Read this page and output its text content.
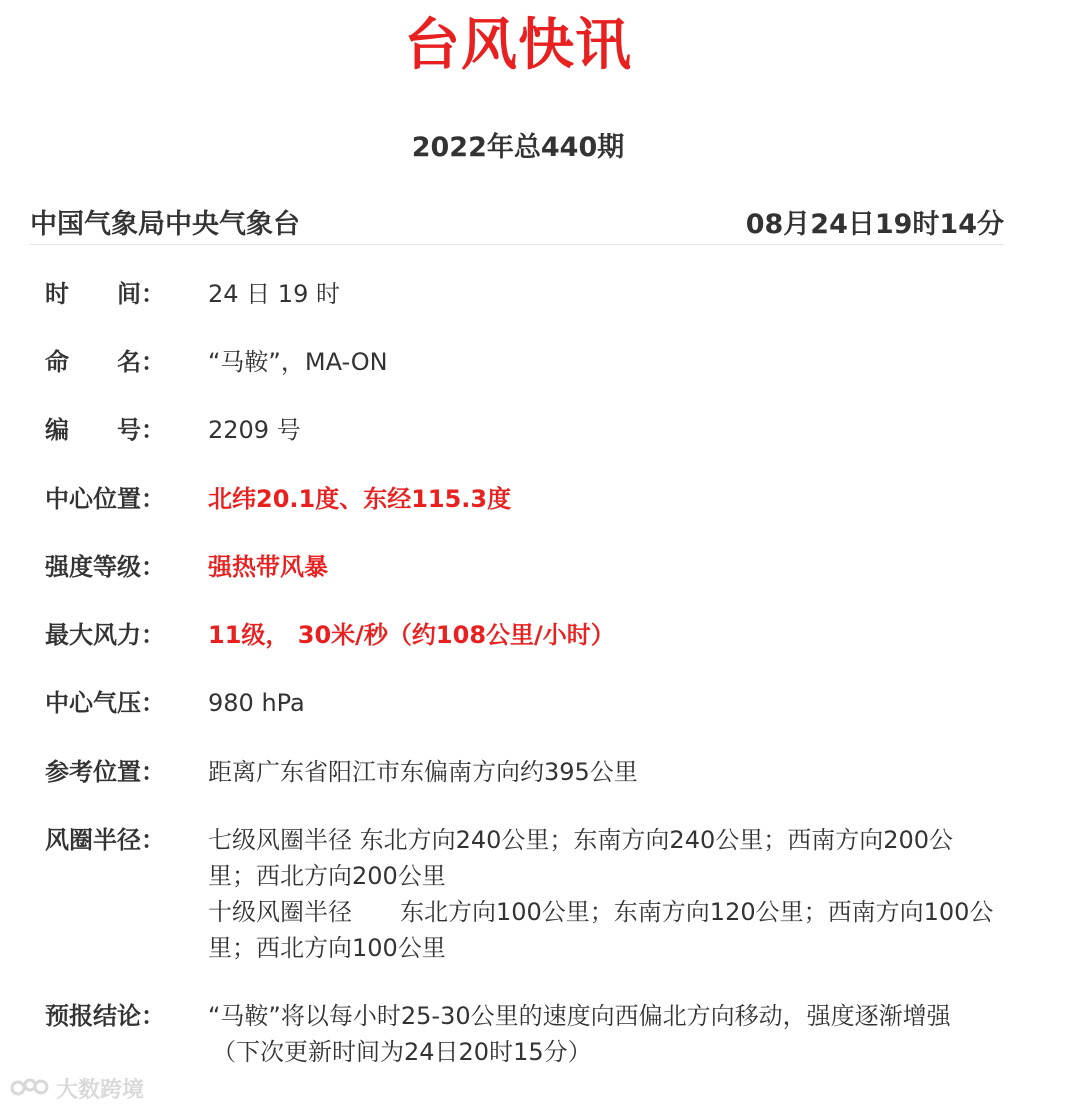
台风快讯
2022年总440期
中国气象局中央气象台	08月24日19时14分
时　　间：	24 日 19 时
命　　名：	“马鞍”，MA-ON
编　　号：	2209 号
中心位置：	北纬20.1度、东经115.3度
强度等级：	强热带风暴
最大风力：	11级， 30米/秒（约108公里/小时）
中心气压：	980 hPa
参考位置：	距离广东省阳江市东偏南方向约395公里
风圈半径：	七级风圈半径 东北方向240公里；东南方向240公里；西南方向200公里；西北方向200公里
十级风圈半径　　东北方向100公里；东南方向120公里；西南方向100公里；西北方向100公里
预报结论：	“马鞍”将以每小时25-30公里的速度向西偏北方向移动，强度逐渐增强
（下次更新时间为24日20时15分）
大数跨境
